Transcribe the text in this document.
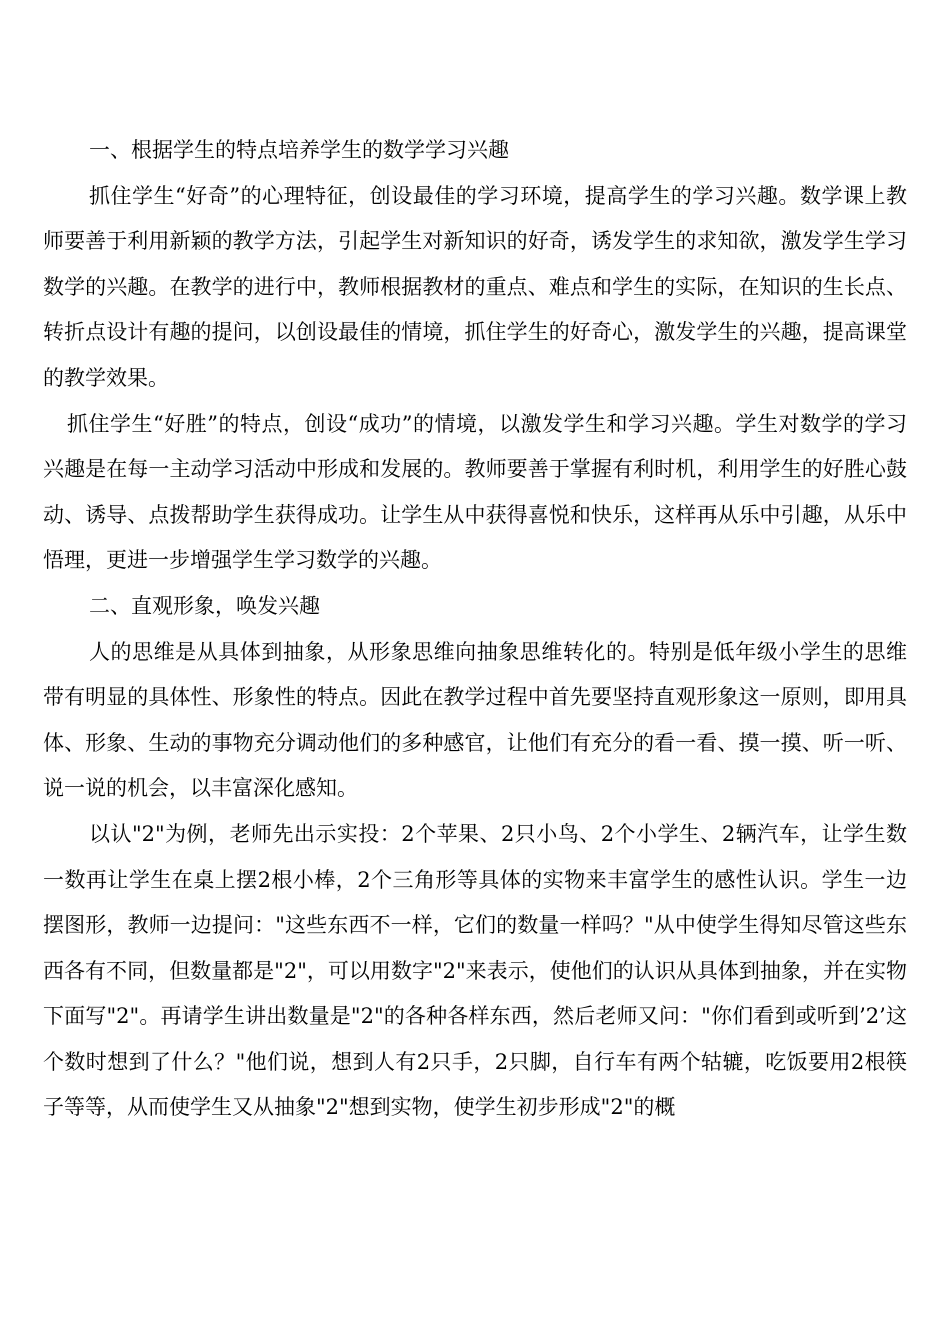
一、根据学生的特点培养学生的数学学习兴趣

抓住学生“好奇”的心理特征，创设最佳的学习环境，提高学生的学习兴趣。数学课上教师要善于利用新颖的教学方法，引起学生对新知识的好奇，诱发学生的求知欲，激发学生学习数学的兴趣。在教学的进行中，教师根据教材的重点、难点和学生的实际，在知识的生长点、转折点设计有趣的提问，以创设最佳的情境，抓住学生的好奇心，激发学生的兴趣，提高课堂的教学效果。

抓住学生“好胜”的特点，创设“成功”的情境，以激发学生和学习兴趣。学生对数学的学习兴趣是在每一主动学习活动中形成和发展的。教师要善于掌握有利时机，利用学生的好胜心鼓动、诱导、点拨帮助学生获得成功。让学生从中获得喜悦和快乐，这样再从乐中引趣，从乐中悟理，更进一步增强学生学习数学的兴趣。

二、直观形象，唤发兴趣

人的思维是从具体到抽象，从形象思维向抽象思维转化的。特别是低年级小学生的思维带有明显的具体性、形象性的特点。因此在教学过程中首先要坚持直观形象这一原则，即用具体、形象、生动的事物充分调动他们的多种感官，让他们有充分的看一看、摸一摸、听一听、说一说的机会，以丰富深化感知。

以认"2"为例，老师先出示实投：2个苹果、2只小鸟、2个小学生、2辆汽车，让学生数一数再让学生在桌上摆2根小棒，2个三角形等具体的实物来丰富学生的感性认识。学生一边摆图形，教师一边提问："这些东西不一样，它们的数量一样吗？"从中使学生得知尽管这些东西各有不同，但数量都是"2"，可以用数字"2"来表示，使他们的认识从具体到抽象，并在实物下面写"2"。再请学生讲出数量是"2"的各种各样东西，然后老师又问："你们看到或听到’2’这个数时想到了什么？"他们说，想到人有2只手，2只脚，自行车有两个轱辘，吃饭要用2根筷子等等，从而使学生又从抽象"2"想到实物，使学生初步形成"2"的概
